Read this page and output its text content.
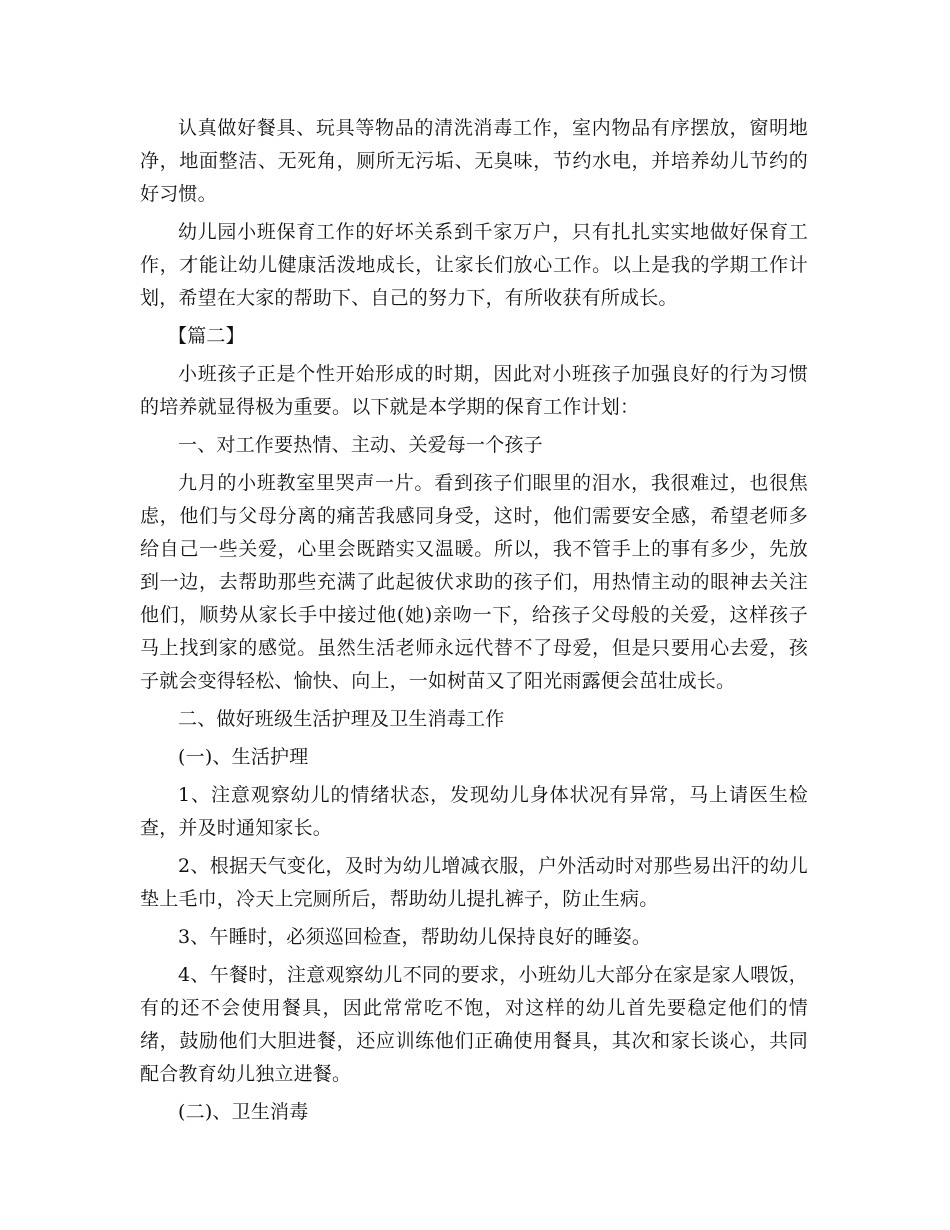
认真做好餐具、玩具等物品的清洗消毒工作，室内物品有序摆放，窗明地净，地面整洁、无死角，厕所无污垢、无臭味，节约水电，并培养幼儿节约的好习惯。

幼儿园小班保育工作的好坏关系到千家万户，只有扎扎实实地做好保育工作，才能让幼儿健康活泼地成长，让家长们放心工作。以上是我的学期工作计划，希望在大家的帮助下、自己的努力下，有所收获有所成长。

【篇二】

小班孩子正是个性开始形成的时期，因此对小班孩子加强良好的行为习惯的培养就显得极为重要。以下就是本学期的保育工作计划：

一、对工作要热情、主动、关爱每一个孩子

九月的小班教室里哭声一片。看到孩子们眼里的泪水，我很难过，也很焦虑，他们与父母分离的痛苦我感同身受，这时，他们需要安全感，希望老师多给自己一些关爱，心里会既踏实又温暖。所以，我不管手上的事有多少，先放到一边，去帮助那些充满了此起彼伏求助的孩子们，用热情主动的眼神去关注他们，顺势从家长手中接过他(她)亲吻一下，给孩子父母般的关爱，这样孩子马上找到家的感觉。虽然生活老师永远代替不了母爱，但是只要用心去爱，孩子就会变得轻松、愉快、向上，一如树苗又了阳光雨露便会茁壮成长。

二、做好班级生活护理及卫生消毒工作

(一)、生活护理

1、注意观察幼儿的情绪状态，发现幼儿身体状况有异常，马上请医生检查，并及时通知家长。

2、根据天气变化，及时为幼儿增减衣服，户外活动时对那些易出汗的幼儿垫上毛巾，冷天上完厕所后，帮助幼儿提扎裤子，防止生病。

3、午睡时，必须巡回检查，帮助幼儿保持良好的睡姿。

4、午餐时，注意观察幼儿不同的要求，小班幼儿大部分在家是家人喂饭，有的还不会使用餐具，因此常常吃不饱，对这样的幼儿首先要稳定他们的情绪，鼓励他们大胆进餐，还应训练他们正确使用餐具，其次和家长谈心，共同配合教育幼儿独立进餐。

(二)、卫生消毒
